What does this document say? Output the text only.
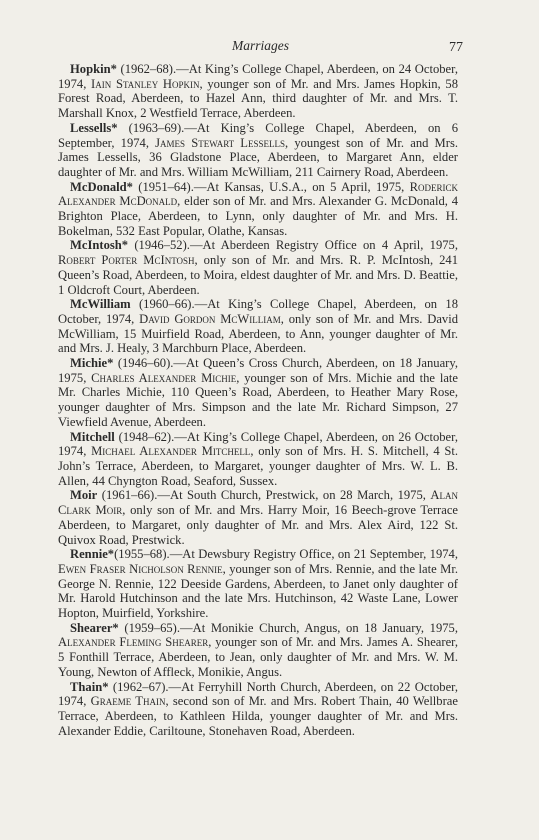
Marriages	77

Hopkin* (1962–68).—At King’s College Chapel, Aberdeen, on 24 October, 1974, Iain Stanley Hopkin, younger son of Mr. and Mrs. James Hopkin, 58 Forest Road, Aberdeen, to Hazel Ann, third daughter of Mr. and Mrs. T. Marshall Knox, 2 Westfield Terrace, Aberdeen.

Lessells* (1963–69).—At King’s College Chapel, Aberdeen, on 6 September, 1974, James Stewart Lessells, youngest son of Mr. and Mrs. James Lessells, 36 Gladstone Place, Aberdeen, to Margaret Ann, elder daughter of Mr. and Mrs. William McWilliam, 211 Cairnery Road, Aberdeen.

McDonald* (1951–64).—At Kansas, U.S.A., on 5 April, 1975, Roderick Alexander McDonald, elder son of Mr. and Mrs. Alexander G. McDonald, 4 Brighton Place, Aberdeen, to Lynn, only daughter of Mr. and Mrs. H. Bokelman, 532 East Popular, Olathe, Kansas.

McIntosh* (1946–52).—At Aberdeen Registry Office on 4 April, 1975, Robert Porter McIntosh, only son of Mr. and Mrs. R. P. McIntosh, 241 Queen’s Road, Aberdeen, to Moira, eldest daughter of Mr. and Mrs. D. Beattie, 1 Oldcroft Court, Aberdeen.

McWilliam (1960–66).—At King’s College Chapel, Aberdeen, on 18 October, 1974, David Gordon McWilliam, only son of Mr. and Mrs. David McWilliam, 15 Muirfield Road, Aberdeen, to Ann, younger daughter of Mr. and Mrs. J. Healy, 3 Marchburn Place, Aberdeen.

Michie* (1946–60).—At Queen’s Cross Church, Aberdeen, on 18 January, 1975, Charles Alexander Michie, younger son of Mrs. Michie and the late Mr. Charles Michie, 110 Queen’s Road, Aberdeen, to Heather Mary Rose, younger daughter of Mrs. Simpson and the late Mr. Richard Simpson, 27 Viewfield Avenue, Aberdeen.

Mitchell (1948–62).—At King’s College Chapel, Aberdeen, on 26 October, 1974, Michael Alexander Mitchell, only son of Mrs. H. S. Mitchell, 4 St. John’s Terrace, Aberdeen, to Margaret, younger daughter of Mrs. W. L. B. Allen, 44 Chyngton Road, Seaford, Sussex.

Moir (1961–66).—At South Church, Prestwick, on 28 March, 1975, Alan Clark Moir, only son of Mr. and Mrs. Harry Moir, 16 Beech-grove Terrace Aberdeen, to Margaret, only daughter of Mr. and Mrs. Alex Aird, 122 St. Quivox Road, Prestwick.

Rennie*(1955–68).—At Dewsbury Registry Office, on 21 September, 1974, Ewen Fraser Nicholson Rennie, younger son of Mrs. Rennie, and the late Mr. George N. Rennie, 122 Deeside Gardens, Aberdeen, to Janet only daughter of Mr. Harold Hutchinson and the late Mrs. Hutchinson, 42 Waste Lane, Lower Hopton, Muirfield, Yorkshire.

Shearer* (1959–65).—At Monikie Church, Angus, on 18 January, 1975, Alexander Fleming Shearer, younger son of Mr. and Mrs. James A. Shearer, 5 Fonthill Terrace, Aberdeen, to Jean, only daughter of Mr. and Mrs. W. M. Young, Newton of Affleck, Monikie, Angus.

Thain* (1962–67).—At Ferryhill North Church, Aberdeen, on 22 October, 1974, Graeme Thain, second son of Mr. and Mrs. Robert Thain, 40 Wellbrae Terrace, Aberdeen, to Kathleen Hilda, younger daughter of Mr. and Mrs. Alexander Eddie, Cariltoune, Stonehaven Road, Aberdeen.
